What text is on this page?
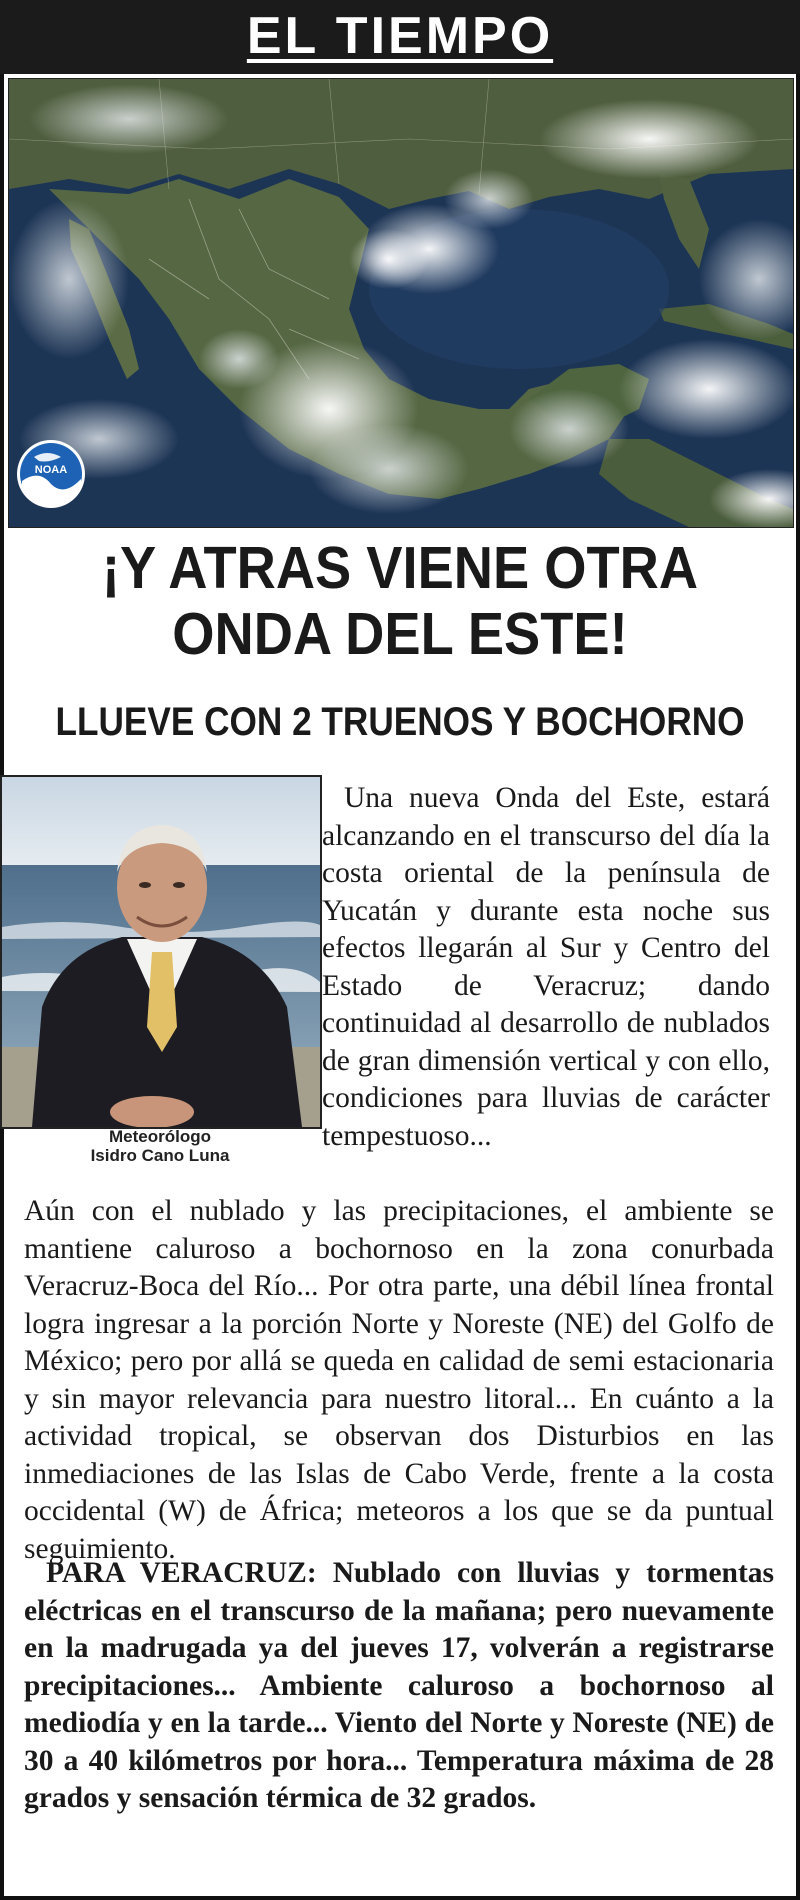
EL TIEMPO
NOAA
¡Y ATRAS VIENE OTRA
ONDA DEL ESTE!
LLUEVE CON 2 TRUENOS Y BOCHORNO
Meteorólogo
Isidro Cano Luna

Una nueva Onda del Este, estará alcanzando en el transcurso del día la costa oriental de la península de Yucatán y durante esta noche sus efectos llegarán al Sur y Centro del Estado de Veracruz; dando continuidad al desarrollo de nublados de gran dimensión vertical y con ello, condiciones para lluvias de carácter tempestuoso...

Aún con el nublado y las precipitaciones, el ambiente se mantiene caluroso a bochornoso en la zona conurbada Veracruz-Boca del Río... Por otra parte, una débil línea frontal logra ingresar a la porción Norte y Noreste (NE) del Golfo de México; pero por allá se queda en calidad de semi estacionaria y sin mayor relevancia para nuestro litoral... En cuánto a la actividad tropical, se observan dos Disturbios en las inmediaciones de las Islas de Cabo Verde, frente a la costa occidental (W) de África; meteoros a los que se da puntual seguimiento.

PARA VERACRUZ: Nublado con lluvias y tormentas eléctricas en el transcurso de la mañana; pero nuevamente en la madrugada ya del jueves 17, volverán a registrarse precipitaciones... Ambiente caluroso a bochornoso al mediodía y en la tarde... Viento del Norte y Noreste (NE) de 30 a 40 kilómetros por hora... Temperatura máxima de 28 grados y sensación térmica de 32 grados.
